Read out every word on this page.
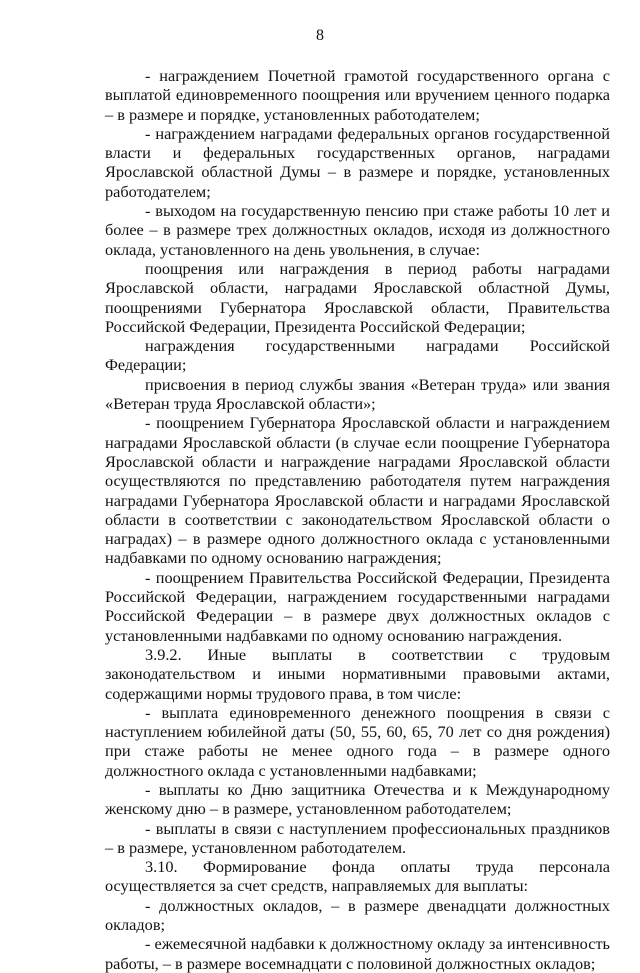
8

- награждением Почетной грамотой государственного органа с выплатой единовременного поощрения или вручением ценного подарка – в размере и порядке, установленных работодателем;

- награждением наградами федеральных органов государственной власти и федеральных государственных органов, наградами Ярославской областной Думы – в размере и порядке, установленных работодателем;

- выходом на государственную пенсию при стаже работы 10 лет и более – в размере трех должностных окладов, исходя из должностного оклада, установленного на день увольнения, в случае:

поощрения или награждения в период работы наградами Ярославской области, наградами Ярославской областной Думы, поощрениями Губернатора Ярославской области, Правительства Российской Федерации, Президента Российской Федерации;

награждения государственными наградами Российской Федерации;

присвоения в период службы звания «Ветеран труда» или звания «Ветеран труда Ярославской области»;

- поощрением Губернатора Ярославской области и награждением наградами Ярославской области (в случае если поощрение Губернатора Ярославской области и награждение наградами Ярославской области осуществляются по представлению работодателя путем награждения наградами Губернатора Ярославской области и наградами Ярославской области в соответствии с законодательством Ярославской области о наградах) – в размере одного должностного оклада с установленными надбавками по одному основанию награждения;

- поощрением Правительства Российской Федерации, Президента Российской Федерации, награждением государственными наградами Российской Федерации – в размере двух должностных окладов с установленными надбавками по одному основанию награждения.

3.9.2. Иные выплаты в соответствии с трудовым законодательством и иными нормативными правовыми актами, содержащими нормы трудового права, в том числе:

- выплата единовременного денежного поощрения в связи с наступлением юбилейной даты (50, 55, 60, 65, 70 лет со дня рождения) при стаже работы не менее одного года – в размере одного должностного оклада с установленными надбавками;

- выплаты ко Дню защитника Отечества и к Международному женскому дню – в размере, установленном работодателем;

- выплаты в связи с наступлением профессиональных праздников – в размере, установленном работодателем.

3.10. Формирование фонда оплаты труда персонала осуществляется за счет средств, направляемых для выплаты:

- должностных окладов, – в размере двенадцати должностных окладов;

- ежемесячной надбавки к должностному окладу за интенсивность работы, – в размере восемнадцати с половиной должностных окладов;
